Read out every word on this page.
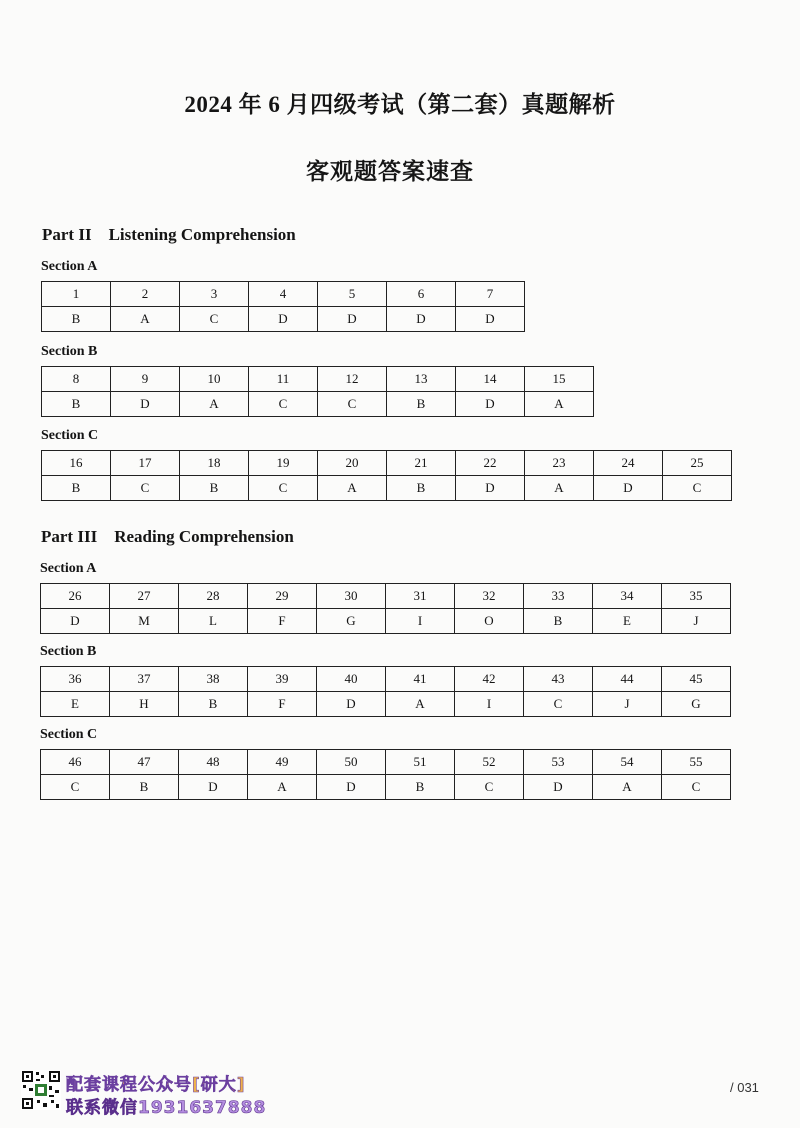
2024 年 6 月四级考试（第二套）真题解析
客观题答案速查
Part II    Listening Comprehension
Section A
1	2	3	4	5	6	7
B	A	C	D	D	D	D
Section B
8	9	10	11	12	13	14	15
B	D	A	C	C	B	D	A
Section C
16	17	18	19	20	21	22	23	24	25
B	C	B	C	A	B	D	A	D	C
Part III    Reading Comprehension
Section A
26	27	28	29	30	31	32	33	34	35
D	M	L	F	G	I	O	B	E	J
Section B
36	37	38	39	40	41	42	43	44	45
E	H	B	F	D	A	I	C	J	G
Section C
46	47	48	49	50	51	52	53	54	55
C	B	D	A	D	B	C	D	A	C
配套课程公众号[研大]
联系微信1931637888
/ 031
